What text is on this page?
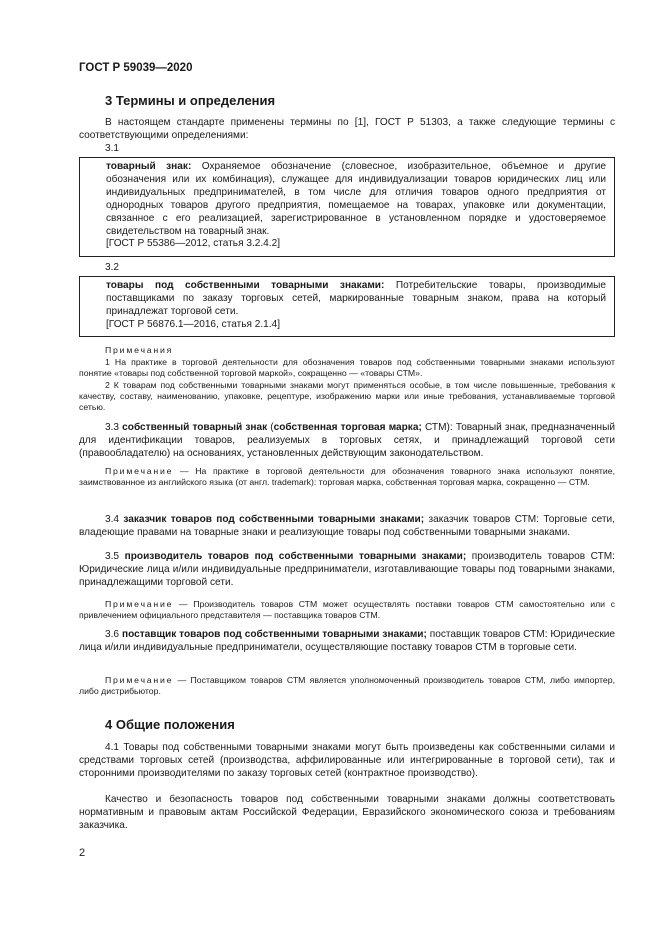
ГОСТ Р 59039—2020
3 Термины и определения

В настоящем стандарте применены термины по [1], ГОСТ Р 51303, а также следующие термины с соответствующими определениями:

3.1

товарный знак: Охраняемое обозначение (словесное, изобразительное, объемное и другие обозначения или их комбинация), служащее для индивидуализации товаров юридических лиц или индивидуальных предпринимателей, в том числе для отличия товаров одного предприятия от однородных товаров другого предприятия, помещаемое на товарах, упаковке или документации, связанное с его реализацией, зарегистрированное в установленном порядке и удостоверяемое свидетельством на товарный знак.

[ГОСТ Р 55386—2012, статья 3.2.4.2]

3.2

товары под собственными товарными знаками: Потребительские товары, производимые поставщиками по заказу торговых сетей, маркированные товарным знаком, права на который принадлежат торговой сети.

[ГОСТ Р 56876.1—2016, статья 2.1.4]

Примечания

1 На практике в торговой деятельности для обозначения товаров под собственными товарными знаками используют понятие «товары под собственной торговой маркой», сокращенно — «товары СТМ».

2 К товарам под собственными товарными знаками могут применяться особые, в том числе повышенные, требования к качеству, составу, наименованию, упаковке, рецептуре, изображению марки или иные требования, устанавливаемые торговой сетью.

3.3 собственный товарный знак (собственная торговая марка; СТМ): Товарный знак, предназначенный для идентификации товаров, реализуемых в торговых сетях, и принадлежащий торговой сети (правообладателю) на основаниях, установленных действующим законодательством.

Примечание — На практике в торговой деятельности для обозначения товарного знака используют понятие, заимствованное из английского языка (от англ. trademark): торговая марка, собственная торговая марка, сокращенно — СТМ.

3.4 заказчик товаров под собственными товарными знаками; заказчик товаров СТМ: Торговые сети, владеющие правами на товарные знаки и реализующие товары под собственными товарными знаками.

3.5 производитель товаров под собственными товарными знаками; производитель товаров СТМ: Юридические лица и/или индивидуальные предприниматели, изготавливающие товары под товарными знаками, принадлежащими торговой сети.

Примечание — Производитель товаров СТМ может осуществлять поставки товаров СТМ самостоятельно или с привлечением официального представителя — поставщика товаров СТМ.

3.6 поставщик товаров под собственными товарными знаками; поставщик товаров СТМ: Юридические лица и/или индивидуальные предприниматели, осуществляющие поставку товаров СТМ в торговые сети.

Примечание — Поставщиком товаров СТМ является уполномоченный производитель товаров СТМ, либо импортер, либо дистрибьютор.

4 Общие положения

4.1 Товары под собственными товарными знаками могут быть произведены как собственными силами и средствами торговых сетей (производства, аффилированные или интегрированные в торговой сети), так и сторонними производителями по заказу торговых сетей (контрактное производство).

Качество и безопасность товаров под собственными товарными знаками должны соответствовать нормативным и правовым актам Российской Федерации, Евразийского экономического союза и требованиям заказчика.

2
